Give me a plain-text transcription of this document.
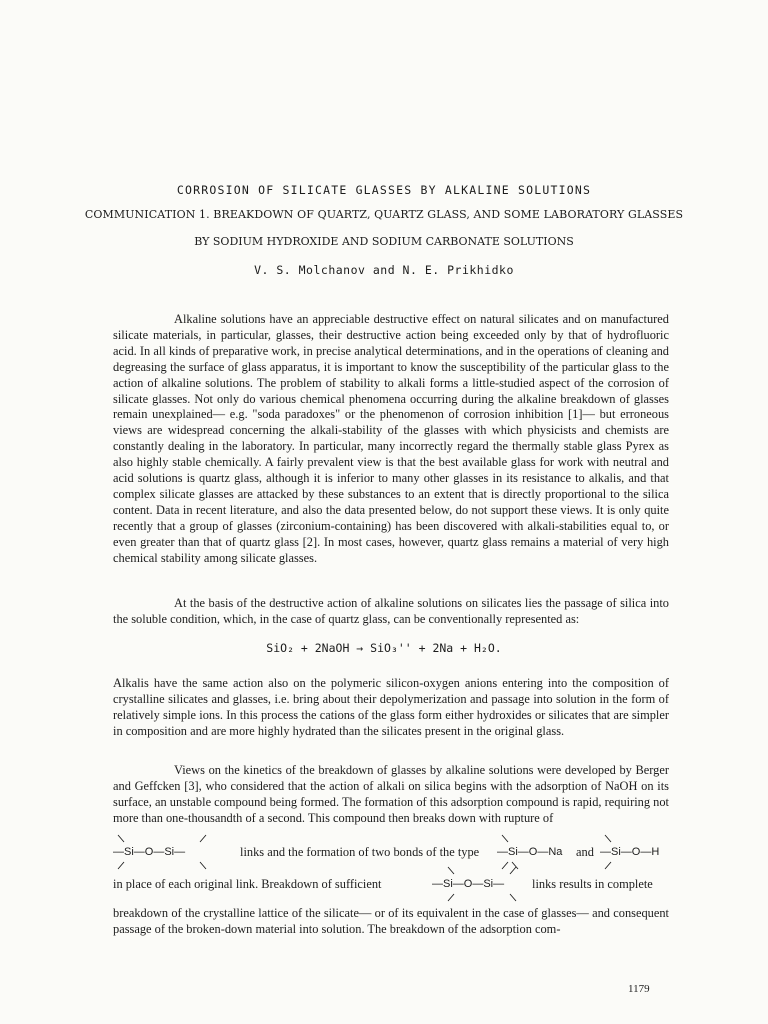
CORROSION OF SILICATE GLASSES BY ALKALINE SOLUTIONS
COMMUNICATION 1. BREAKDOWN OF QUARTZ, QUARTZ GLASS, AND SOME LABORATORY GLASSES
BY SODIUM HYDROXIDE AND SODIUM CARBONATE SOLUTIONS
V. S. Molchanov and N. E. Prikhidko

Alkaline solutions have an appreciable destructive effect on natural silicates and on manufactured silicate materials, in particular, glasses, their destructive action being exceeded only by that of hydrofluoric acid. In all kinds of preparative work, in precise analytical determinations, and in the operations of cleaning and degreasing the surface of glass apparatus, it is important to know the susceptibility of the particular glass to the action of alkaline solutions. The problem of stability to alkali forms a little-studied aspect of the corrosion of silicate glasses. Not only do various chemical phenomena occurring during the alkaline breakdown of glasses remain unexplained— e.g. "soda paradoxes" or the phenomenon of corrosion inhibition [1]— but erroneous views are widespread concerning the alkali-stability of the glasses with which physicists and chemists are constantly dealing in the laboratory. In particular, many incorrectly regard the thermally stable glass Pyrex as also highly stable chemically. A fairly prevalent view is that the best available glass for work with neutral and acid solutions is quartz glass, although it is inferior to many other glasses in its resistance to alkalis, and that complex silicate glasses are attacked by these substances to an extent that is directly proportional to the silica content. Data in recent literature, and also the data presented below, do not support these views. It is only quite recently that a group of glasses (zirconium-containing) has been discovered with alkali-stabilities equal to, or even greater than that of quartz glass [2]. In most cases, however, quartz glass remains a material of very high chemical stability among silicate glasses.

At the basis of the destructive action of alkaline solutions on silicates lies the passage of silica into the soluble condition, which, in the case of quartz glass, can be conventionally represented as:

SiO₂ + 2NaOH → SiO₃'' + 2Na + H₂O.

Alkalis have the same action also on the polymeric silicon-oxygen anions entering into the composition of crystalline silicates and glasses, i.e. bring about their depolymerization and passage into solution in the form of relatively simple ions. In this process the cations of the glass form either hydroxides or silicates that are simpler in composition and are more highly hydrated than the silicates present in the original glass.

Views on the kinetics of the breakdown of glasses by alkaline solutions were developed by Berger and Geffcken [3], who considered that the action of alkali on silica begins with the adsorption of NaOH on its surface, an unstable compound being formed. The formation of this adsorption compound is rapid, requiring not more than one-thousandth of a second. This compound then breaks down with rupture of

—Si—O—Si—	links and the formation of two bonds of the type —Si—O—Na and —Si—O—H
in place of each original link. Breakdown of sufficient	—Si—O—Si— links results in complete

breakdown of the crystalline lattice of the silicate— or of its equivalent in the case of glasses— and consequent passage of the broken-down material into solution. The breakdown of the adsorption com-

1179
